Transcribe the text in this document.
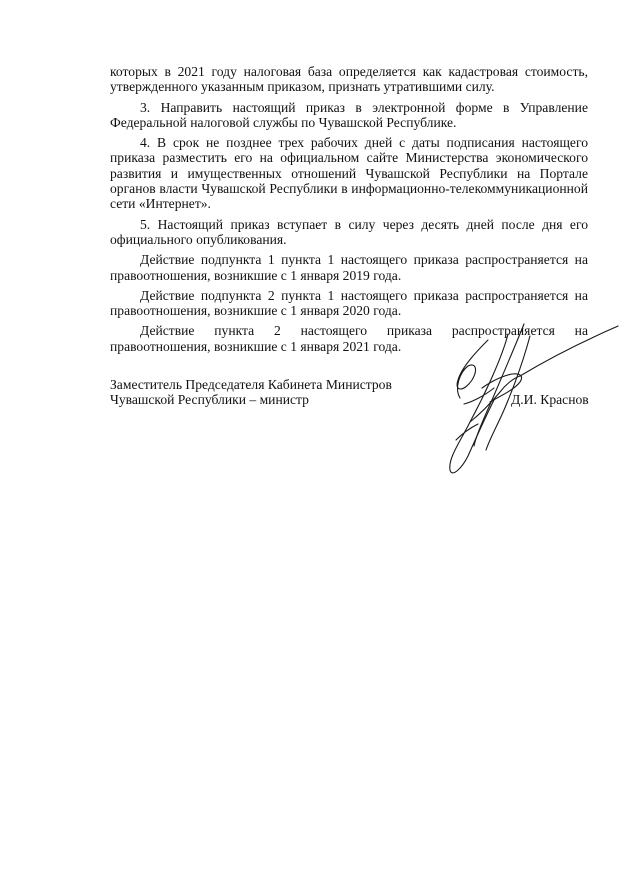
которых в 2021 году налоговая база определяется как кадастровая стоимость, утвержденного указанным приказом, признать утратившими силу.

3. Направить настоящий приказ в электронной форме в Управление Федеральной налоговой службы по Чувашской Республике.

4. В срок не позднее трех рабочих дней с даты подписания настоящего приказа разместить его на официальном сайте Министерства экономического развития и имущественных отношений Чувашской Республики на Портале органов власти Чувашской Республики в информационно-телекоммуникационной сети «Интернет».

5. Настоящий приказ вступает в силу через десять дней после дня его официального опубликования.

Действие подпункта 1 пункта 1 настоящего приказа распространяется на правоотношения, возникшие с 1 января 2019 года.

Действие подпункта 2 пункта 1 настоящего приказа распространяется на правоотношения, возникшие с 1 января 2020 года.

Действие пункта 2 настоящего приказа распространяется на правоотношения, возникшие с 1 января 2021 года.

Заместитель Председателя Кабинета Министров
Чувашской Республики – министр	Д.И. Краснов
